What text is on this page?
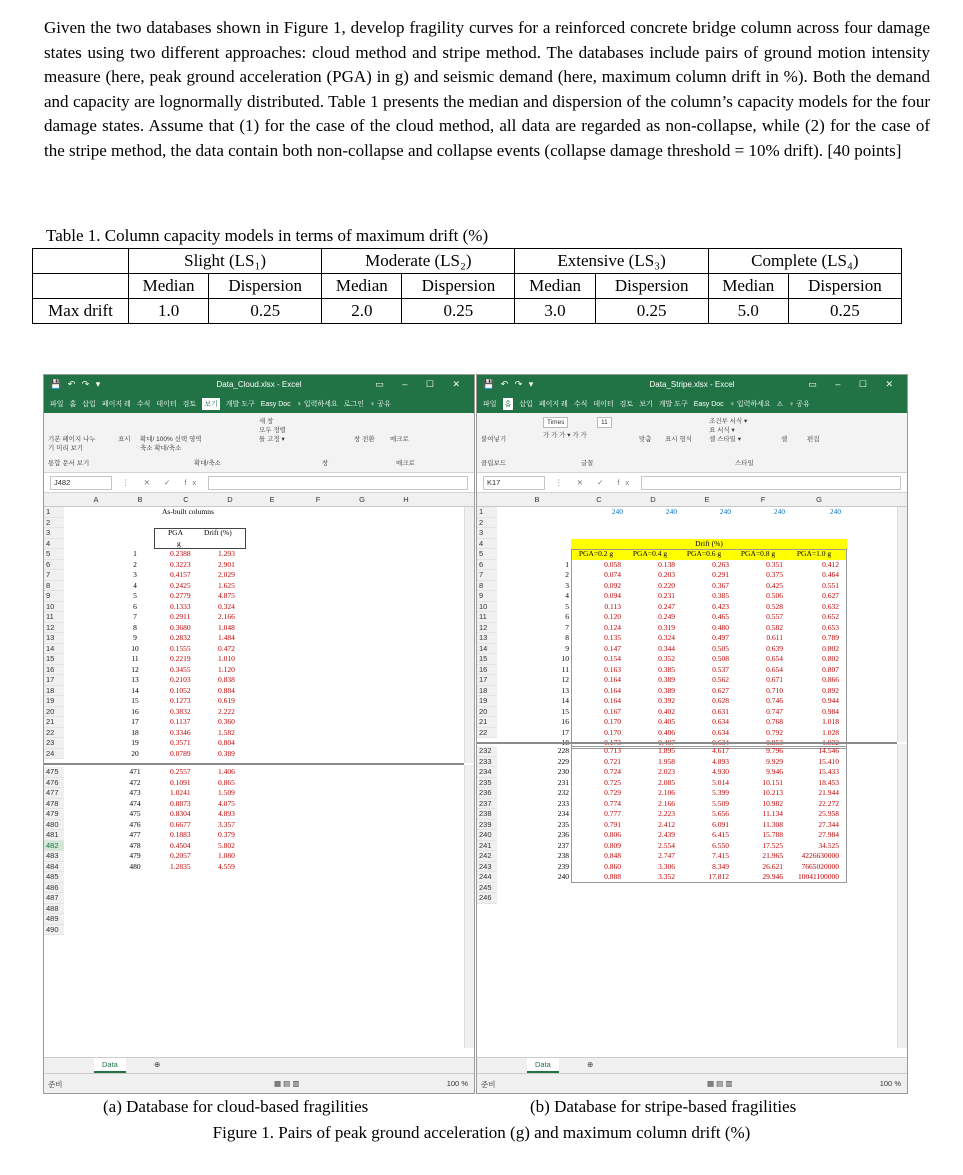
Given the two databases shown in Figure 1, develop fragility curves for a reinforced concrete bridge column across four damage states using two different approaches: cloud method and stripe method. The databases include pairs of ground motion intensity measure (here, peak ground acceleration (PGA) in g) and seismic demand (here, maximum column drift in %). Both the demand and capacity are lognormally distributed. Table 1 presents the median and dispersion of the column’s capacity models for the four damage states. Assume that (1) for the case of the cloud method, all data are regarded as non-collapse, while (2) for the case of the stripe method, the data contain both non-collapse and collapse events (collapse damage threshold = 10% drift). [40 points]
Table 1. Column capacity models in terms of maximum drift (%)
	Slight (LS₁)		Moderate (LS₂)		Extensive (LS₃)		Complete (LS₄)	
	Median	Dispersion	Median	Dispersion	Median	Dispersion	Median	Dispersion
Max drift	1.0	0.25	2.0	0.25	3.0	0.25	5.0	0.25
💾 ↶ ↷ ▾	Data_Cloud.xlsx - Excel	▭ – ☐ ✕
파일 홈 삽입 페이지 레 수식 데이터 검토 보기 개발 도구 Easy Doc ♀ 입력하세요 로그인 ♀ 공유
기본 페이지 나누
기 미리 보기
표시 확대/ 100% 선택 영역
축소 확대/축소
새 창
모두 정렬
틀 고정 ▾	창 전환 매크로
통합 문서 보기	확대/축소	창	매크로
J482	⋮ ✕ ✓ fx
A	B	C	D	E	F	G	H
1
2
3
4
5
6
7
8
9
10
11
12
13
14
15
16
17
18
19
20
21
22
23
24
As-built columns
PGA	Drift (%)
g
1	0.2388	1.293
2	0.3223	2.901
3	0.4157	2.029
4	0.2425	1.625
5	0.2779	4.875
6	0.1333	0.324
7	0.2911	2.166
8	0.3680	1.048
9	0.2832	1.484
10	0.1555	0.472
11	0.2219	1.010
12	0.3455	1.120
13	0.2103	0.838
14	0.1052	0.884
15	0.1273	0.619
16	0.3832	2.222
17	0.1137	0.360
18	0.3346	1.582
19	0.3571	0.804
20	0.0789	0.389
475
476
477
478
479
480
481
482
483
484
485
486
487
488
489
490
471	0.2557	1.406
472	0.1091	0.865
473	1.0241	1.509
474	0.8873	4.075
475	0.8304	4.893
476	0.6677	3.357
477	0.1883	0.379
478	0.4504	5.802
479	0.2057	1.080
480	1.2835	4.559
Data	⊕
준비	▦ ▤ ▥	100 %
💾 ↶ ↷ ▾	Data_Stripe.xlsx - Excel	▭ – ☐ ✕
파일 홈 삽입 페이지 레 수식 데이터 검토 보기 개발 도구 Easy Doc ♀ 입력하세요 ⚠ ♀ 공유
붙여넣기
Times	11
가 가 가 ▾ 가 가
맞춤 표시 형식
조건부 서식 ▾
표 서식 ▾
셀 스타일 ▾	셀	편집
클립보드	글꼴	스타일
K17	⋮ ✕ ✓ fx
B	C	D	E	F	G
1
2
3
4
5
6
7
8
9
10
11
12
13
14
15
16
17
18
19
20
21
22
240	240	240	240	240
Drift (%)
PGA=0.2 g	PGA=0.4 g	PGA=0.6 g	PGA=0.8 g	PGA=1.0 g
1	0.058	0.138	0.263	0.351	0.412
2	0.074	0.203	0.291	0.375	0.464
3	0.092	0.220	0.367	0.425	0.551
4	0.094	0.231	0.385	0.506	0.627
5	0.113	0.247	0.423	0.528	0.632
6	0.120	0.249	0.465	0.557	0.652
7	0.124	0.319	0.480	0.582	0.653
8	0.135	0.324	0.497	0.611	0.789
9	0.147	0.344	0.505	0.639	0.802
10	0.154	0.352	0.508	0.654	0.802
11	0.163	0.385	0.537	0.654	0.807
12	0.164	0.389	0.562	0.671	0.866
13	0.164	0.389	0.627	0.710	0.892
14	0.164	0.392	0.628	0.746	0.944
15	0.167	0.402	0.631	0.747	0.984
16	0.170	0.405	0.634	0.768	1.018
17	0.170	0.406	0.634	0.792	1.028
232
233
234
235
236
237
238
239
240
241
242
243
244
245
246
228	0.713	1.895	4.617	9.796	14.546
229	0.721	1.958	4.893	9.929	15.410
230	0.724	2.023	4.930	9.946	15.433
231	0.725	2.085	5.014	10.151	18.453
232	0.729	2.106	5.399	10.213	21.944
233	0.774	2.166	5.509	10.982	22.272
234	0.777	2.223	5.656	11.134	25.958
235	0.791	2.412	6.091	11.308	27.344
236	0.806	2.439	6.415	15.788	27.984
237	0.809	2.554	6.550	17.525	34.525
238	0.848	2.747	7.415	21.965	4226630000
239	0.860	3.306	8.349	26.621	7665020000
240	0.888	3.352	17.812	29.946	10041100000
Data	⊕
준비	▦ ▤ ▥	100 %
(a) Database for cloud-based fragilities	(b) Database for stripe-based fragilities
Figure 1. Pairs of peak ground acceleration (g) and maximum column drift (%)
